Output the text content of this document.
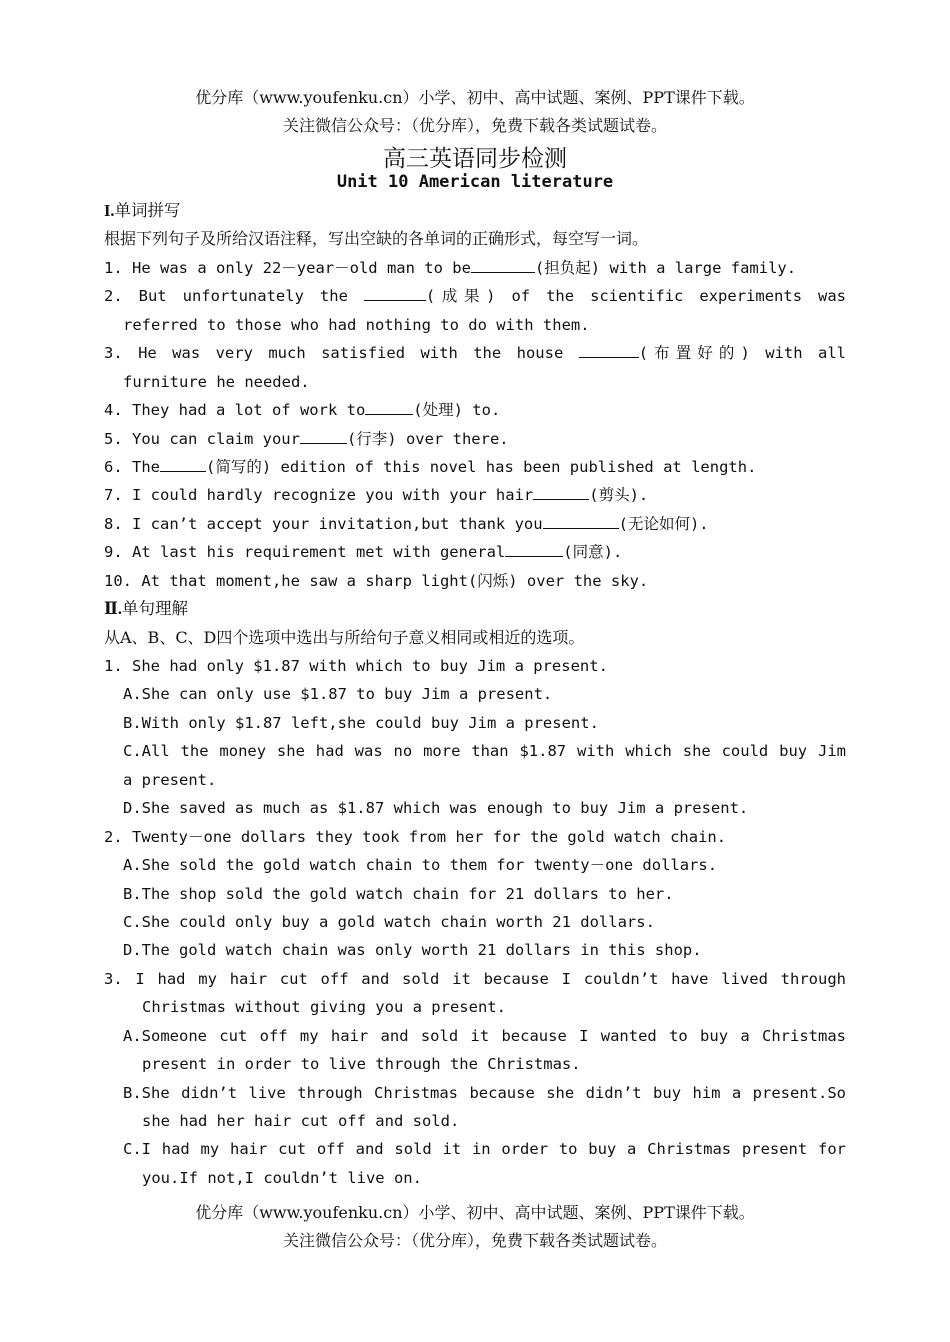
优分库（www.youfenku.cn）小学、初中、高中试题、案例、PPT课件下载。
关注微信公众号：（优分库），免费下载各类试题试卷。
高三英语同步检测
Unit 10 American literature
I.单词拼写
根据下列句子及所给汉语注释，写出空缺的各单词的正确形式，每空写一词。
1. He was a only 22－year－old man to be	(担负起) with a large family.
2. But unfortunately the	(成果) of the scientific experiments was
referred to those who had nothing to do with them.
3. He was very much satisfied with the house	(布置好的) with all
furniture he needed.
4. They had a lot of work to	(处理) to.
5. You can claim your	(行李) over there.
6. The	(简写的) edition of this novel has been published at length.
7. I could hardly recognize you with your hair	(剪头).
8. I can’t accept your invitation,but thank you	(无论如何).
9. At last his requirement met with general	(同意).
10. At that moment,he saw a sharp light(闪烁) over the sky.
Ⅱ.单句理解
从A、B、C、D四个选项中选出与所给句子意义相同或相近的选项。
1. She had only $1.87 with which to buy Jim a present.
A.She can only use $1.87 to buy Jim a present.
B.With only $1.87 left,she could buy Jim a present.
C.All the money she had was no more than $1.87 with which she could buy Jim
a present.
D.She saved as much as $1.87 which was enough to buy Jim a present.
2. Twenty－one dollars they took from her for the gold watch chain.
A.She sold the gold watch chain to them for twenty－one dollars.
B.The shop sold the gold watch chain for 21 dollars to her.
C.She could only buy a gold watch chain worth 21 dollars.
D.The gold watch chain was only worth 21 dollars in this shop.
3. I had my hair cut off and sold it because I couldn’t have lived through
Christmas without giving you a present.
A.Someone cut off my hair and sold it because I wanted to buy a Christmas
present in order to live through the Christmas.
B.She didn’t live through Christmas because she didn’t buy him a present.So
she had her hair cut off and sold.
C.I had my hair cut off and sold it in order to buy a Christmas present for
you.If not,I couldn’t live on.
优分库（www.youfenku.cn）小学、初中、高中试题、案例、PPT课件下载。
关注微信公众号：（优分库），免费下载各类试题试卷。
